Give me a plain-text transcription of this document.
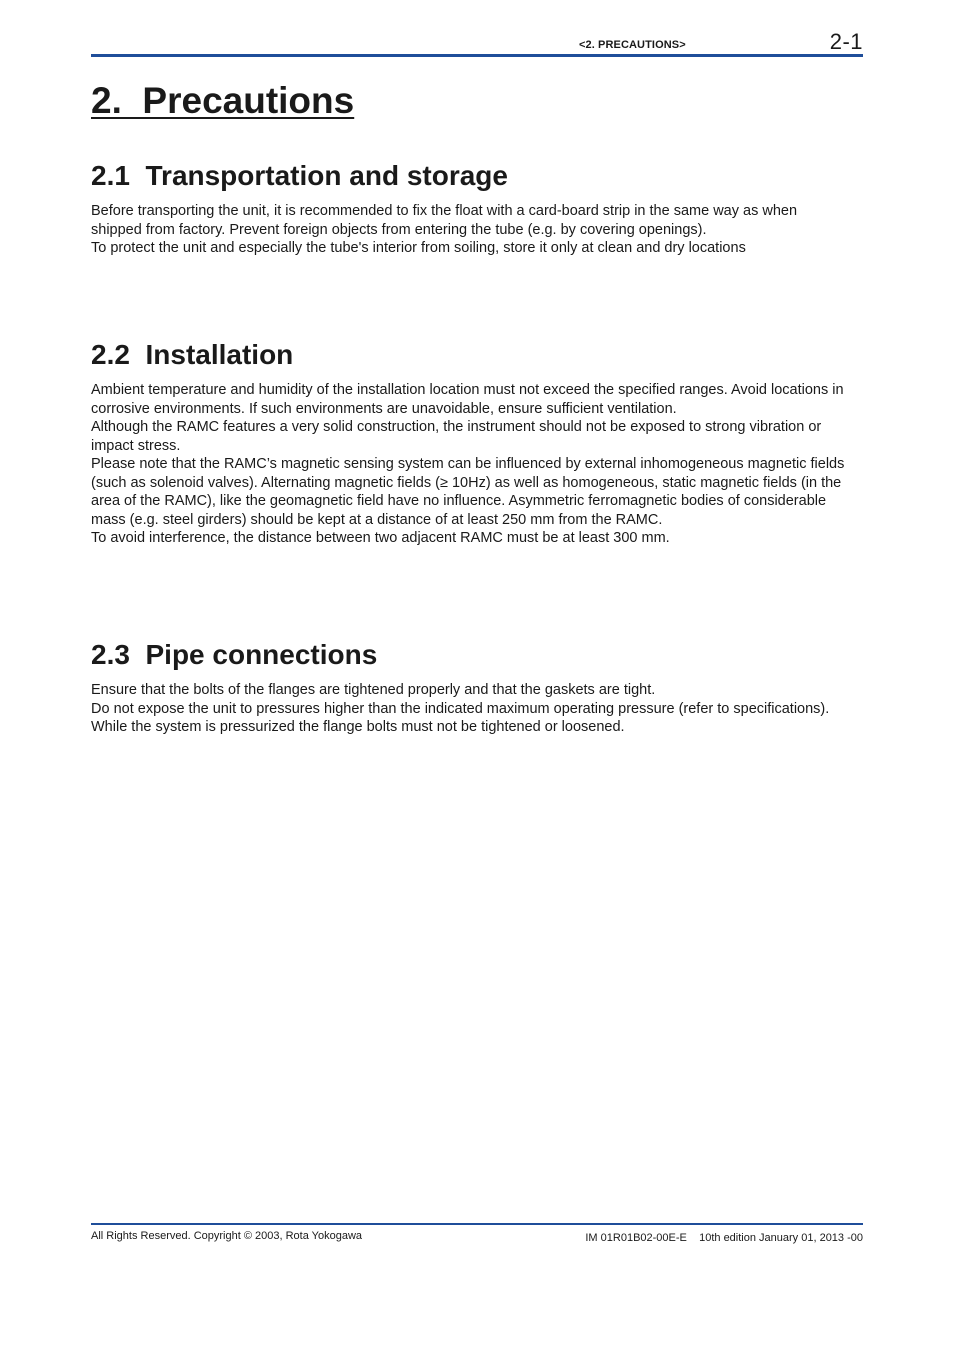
<2. PRECAUTIONS>	2-1
2.  Precautions
2.1  Transportation and storage

Before transporting the unit, it is recommended to fix the float with a card-board strip in the same way as when shipped from factory. Prevent foreign objects from entering the tube (e.g. by covering openings).

To protect the unit and especially the tube's interior from soiling, store it only at clean and dry locations

2.2  Installation

Ambient temperature and humidity of the installation location must not exceed the specified ranges. Avoid locations in corrosive environments. If such environments are unavoidable, ensure sufficient ventilation.

Although the RAMC features a very solid construction, the instrument should not be exposed to strong vibration or impact stress.

Please note that the RAMC’s magnetic sensing system can be influenced by external inhomogeneous magnetic fields (such as solenoid valves). Alternating magnetic fields (≥ 10Hz) as well as homogeneous, static magnetic fields (in the area of the RAMC), like the geomagnetic field have no influence. Asymmetric ferromagnetic bodies of considerable mass (e.g. steel girders) should be kept at a distance of at least 250 mm from the RAMC.

To avoid interference, the distance between two adjacent RAMC must be at least 300 mm.

2.3  Pipe connections

Ensure that the bolts of the flanges are tightened properly and that the gaskets are tight.

Do not expose the unit to pressures higher than the indicated maximum operating pressure (refer to specifications).

While the system is pressurized the flange bolts must not be tightened or loosened.

All Rights Reserved. Copyright © 2003, Rota Yokogawa	IM 01R01B02-00E-E    10th edition January 01, 2013 -00
